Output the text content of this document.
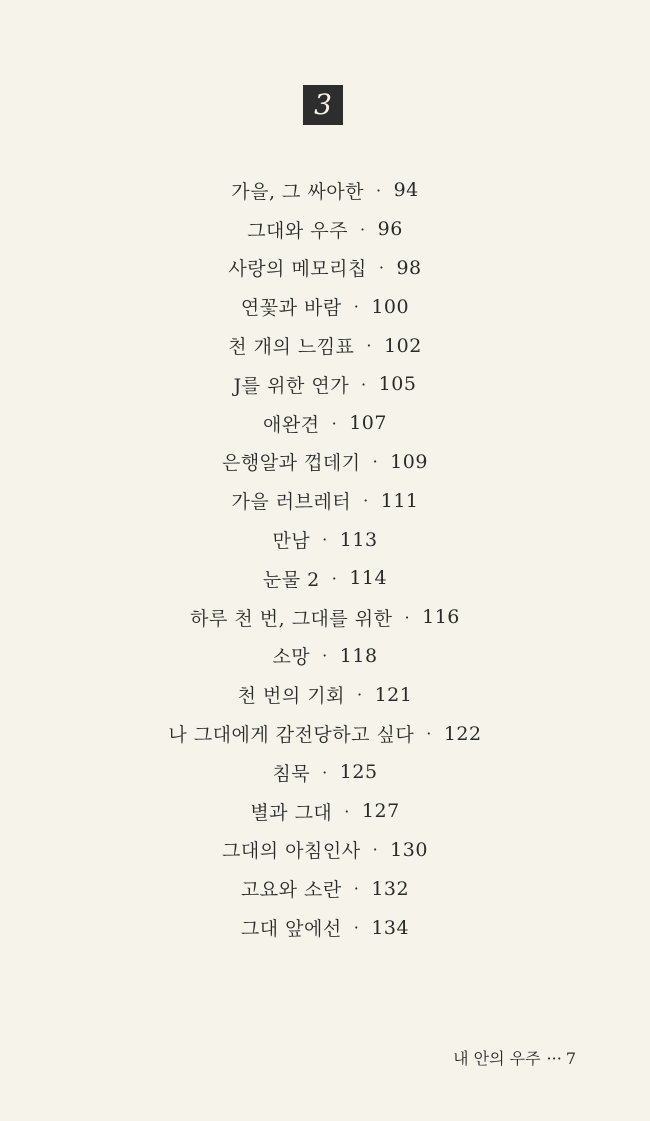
3
가을, 그 싸아한 · 94
그대와 우주 · 96
사랑의 메모리칩 · 98
연꽃과 바람 · 100
천 개의 느낌표 · 102
J를 위한 연가 · 105
애완견 · 107
은행알과 껍데기 · 109
가을 러브레터 · 111
만남 · 113
눈물 2 · 114
하루 천 번, 그대를 위한 · 116
소망 · 118
천 번의 기회 · 121
나 그대에게 감전당하고 싶다 · 122
침묵 · 125
별과 그대 · 127
그대의 아침인사 · 130
고요와 소란 · 132
그대 앞에선 · 134
내 안의 우주 ··· 7
